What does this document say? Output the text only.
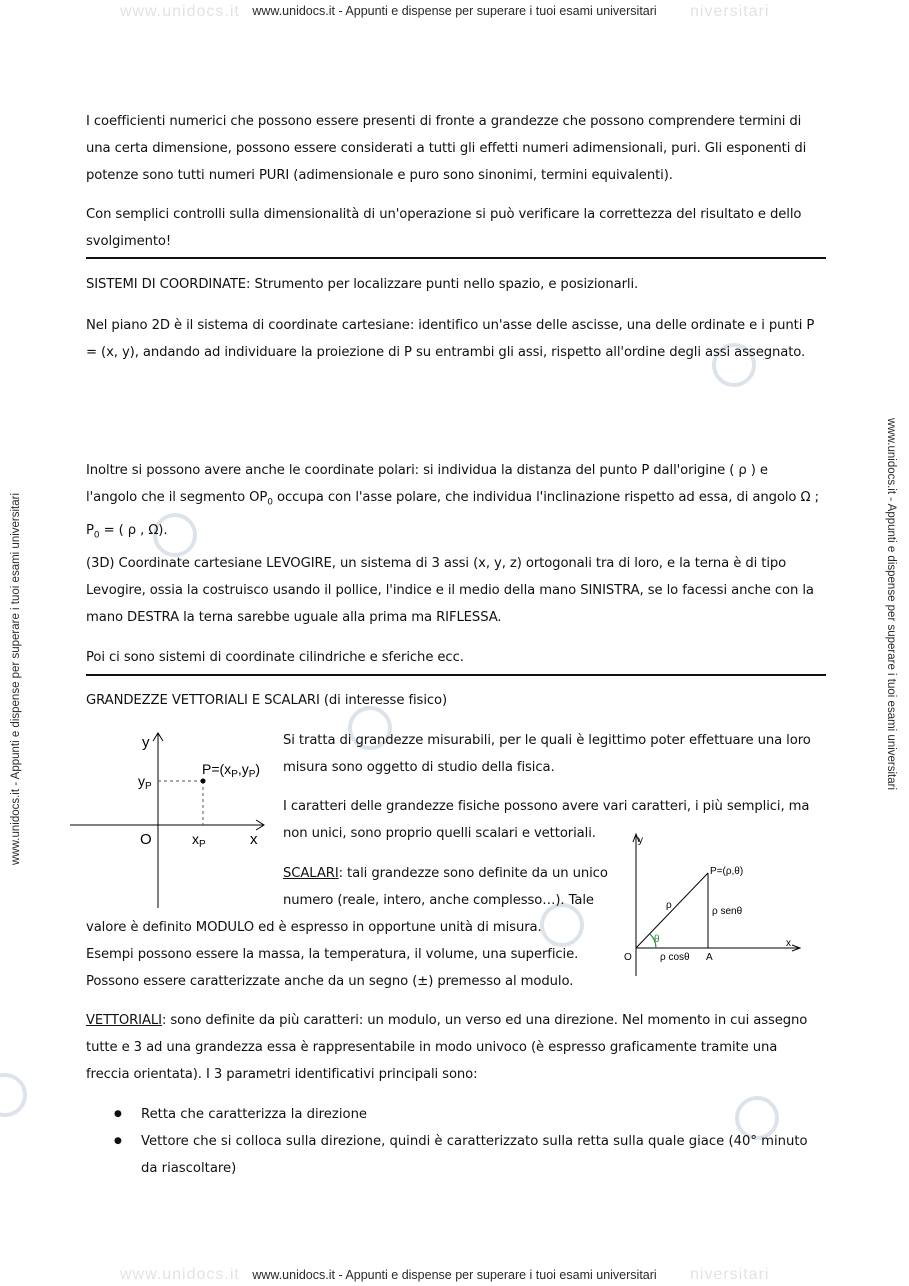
www.unidocs.it	niversitari
www.unidocs.it - Appunti e dispense per superare i tuoi esami universitari
www.unidocs.it	niversitari
www.unidocs.it - Appunti e dispense per superare i tuoi esami universitari
www.unidocs.it - Appunti e dispense per superare i tuoi esami universitari	www.unidocs.it - Appunti e dispense per superare i tuoi esami universitari
I coefficienti numerici che possono essere presenti di fronte a grandezze che possono comprendere termini di una certa dimensione, possono essere considerati a tutti gli effetti numeri adimensionali, puri. Gli esponenti di potenze sono tutti numeri PURI (adimensionale e puro sono sinonimi, termini equivalenti).
Con semplici controlli sulla dimensionalità di un'operazione si può verificare la correttezza del risultato e dello svolgimento!
SISTEMI DI COORDINATE: Strumento per localizzare punti nello spazio, e posizionarli.
Nel piano 2D è il sistema di coordinate cartesiane: identifico un'asse delle ascisse, una delle ordinate e i punti P = (x, y), andando ad individuare la proiezione di P su entrambi gli assi, rispetto all'ordine degli assi assegnato.
Inoltre si possono avere anche le coordinate polari: si individua la distanza del punto P dall'origine ( ρ ) e l'angolo che il segmento $OP_0$ occupa con l'asse polare, che individua l'inclinazione rispetto ad essa, di angolo Ω ; $P_0$ = ( ρ , Ω).
(3D) Coordinate cartesiane LEVOGIRE, un sistema di 3 assi (x, y, z) ortogonali tra di loro, e la terna è di tipo Levogire, ossia la costruisco usando il pollice, l'indice e il medio della mano SINISTRA, se lo facessi anche con la mano DESTRA la terna sarebbe uguale alla prima ma RIFLESSA.
Poi ci sono sistemi di coordinate cilindriche e sferiche ecc.
GRANDEZZE VETTORIALI E SCALARI (di interesse fisico)
y
x
O
$P=(x_P,y_P)$
$y_P$
$x_P$
Si tratta di grandezze misurabili, per le quali è legittimo poter effettuare una loro misura sono oggetto di studio della fisica.
I caratteri delle grandezze fisiche possono avere vari caratteri, i più semplici, ma non unici, sono proprio quelli scalari e vettoriali.
SCALARI: tali grandezze sono definite da un unico numero (reale, intero, anche complesso…). Tale
valore è definito MODULO ed è espresso in opportune unità di misura. Esempi possono essere la massa, la temperatura, il volume, una superficie. Possono essere caratterizzate anche da un segno (±) premesso al modulo.
y
x
O
P=(ρ,θ)
ρ
θ
ρ senθ
ρ cosθ A
VETTORIALI: sono definite da più caratteri: un modulo, un verso ed una direzione. Nel momento in cui assegno tutte e 3 ad una grandezza essa è rappresentabile in modo univoco (è espresso graficamente tramite una freccia orientata). I 3 parametri identificativi principali sono:
● Retta che caratterizza la direzione
● Vettore che si colloca sulla direzione, quindi è caratterizzato sulla retta sulla quale giace (40° minuto da riascoltare)
